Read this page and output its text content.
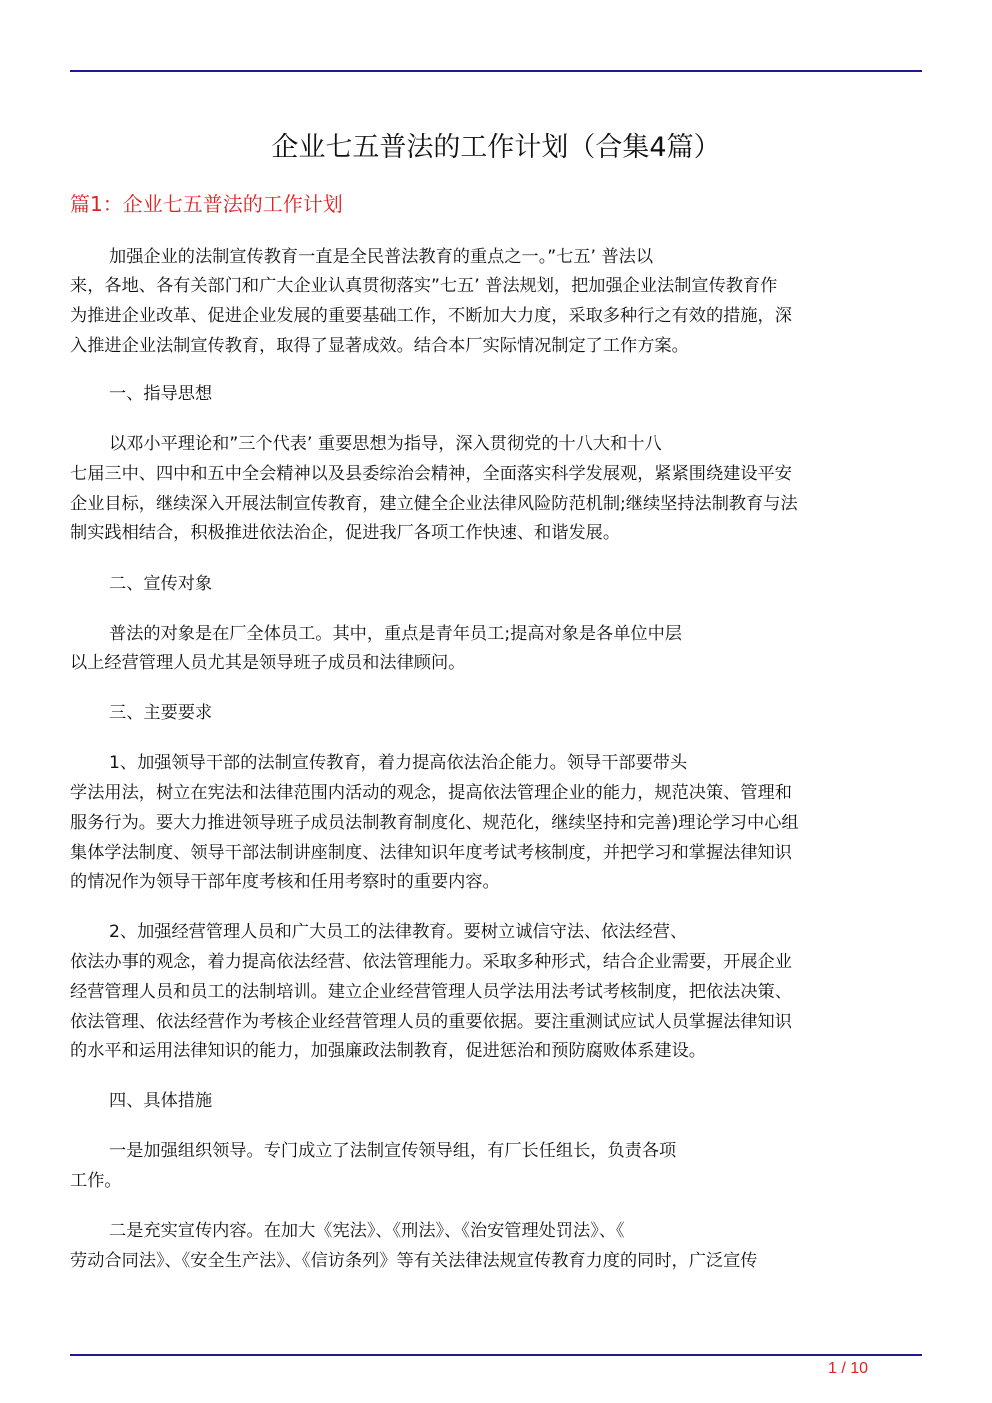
企业七五普法的工作计划（合集4篇）
篇1：企业七五普法的工作计划
加强企业的法制宣传教育一直是全民普法教育的重点之一。”七五’ 普法以
来，各地、各有关部门和广大企业认真贯彻落实”七五’ 普法规划，把加强企业法制宣传教育作
为推进企业改革、促进企业发展的重要基础工作，不断加大力度，采取多种行之有效的措施，深
入推进企业法制宣传教育，取得了显著成效。结合本厂实际情况制定了工作方案。
一、指导思想
以邓小平理论和”三个代表’ 重要思想为指导，深入贯彻党的十八大和十八
七届三中、四中和五中全会精神以及县委综治会精神，全面落实科学发展观，紧紧围绕建设平安
企业目标，继续深入开展法制宣传教育，建立健全企业法律风险防范机制;继续坚持法制教育与法
制实践相结合，积极推进依法治企，促进我厂各项工作快速、和谐发展。
二、宣传对象
普法的对象是在厂全体员工。其中，重点是青年员工;提高对象是各单位中层
以上经营管理人员尤其是领导班子成员和法律顾问。
三、主要要求
1、加强领导干部的法制宣传教育，着力提高依法治企能力。领导干部要带头
学法用法，树立在宪法和法律范围内活动的观念，提高依法管理企业的能力，规范决策、管理和
服务行为。要大力推进领导班子成员法制教育制度化、规范化，继续坚持和完善)理论学习中心组
集体学法制度、领导干部法制讲座制度、法律知识年度考试考核制度，并把学习和掌握法律知识
的情况作为领导干部年度考核和任用考察时的重要内容。
2、加强经营管理人员和广大员工的法律教育。要树立诚信守法、依法经营、
依法办事的观念，着力提高依法经营、依法管理能力。采取多种形式，结合企业需要，开展企业
经营管理人员和员工的法制培训。建立企业经营管理人员学法用法考试考核制度，把依法决策、
依法管理、依法经营作为考核企业经营管理人员的重要依据。要注重测试应试人员掌握法律知识
的水平和运用法律知识的能力，加强廉政法制教育，促进惩治和预防腐败体系建设。
四、具体措施
一是加强组织领导。专门成立了法制宣传领导组，有厂长任组长，负责各项
工作。
二是充实宣传内容。在加大《宪法》、《刑法》、《治安管理处罚法》、《
劳动合同法》、《安全生产法》、《信访条列》等有关法律法规宣传教育力度的同时，广泛宣传
1 / 10
